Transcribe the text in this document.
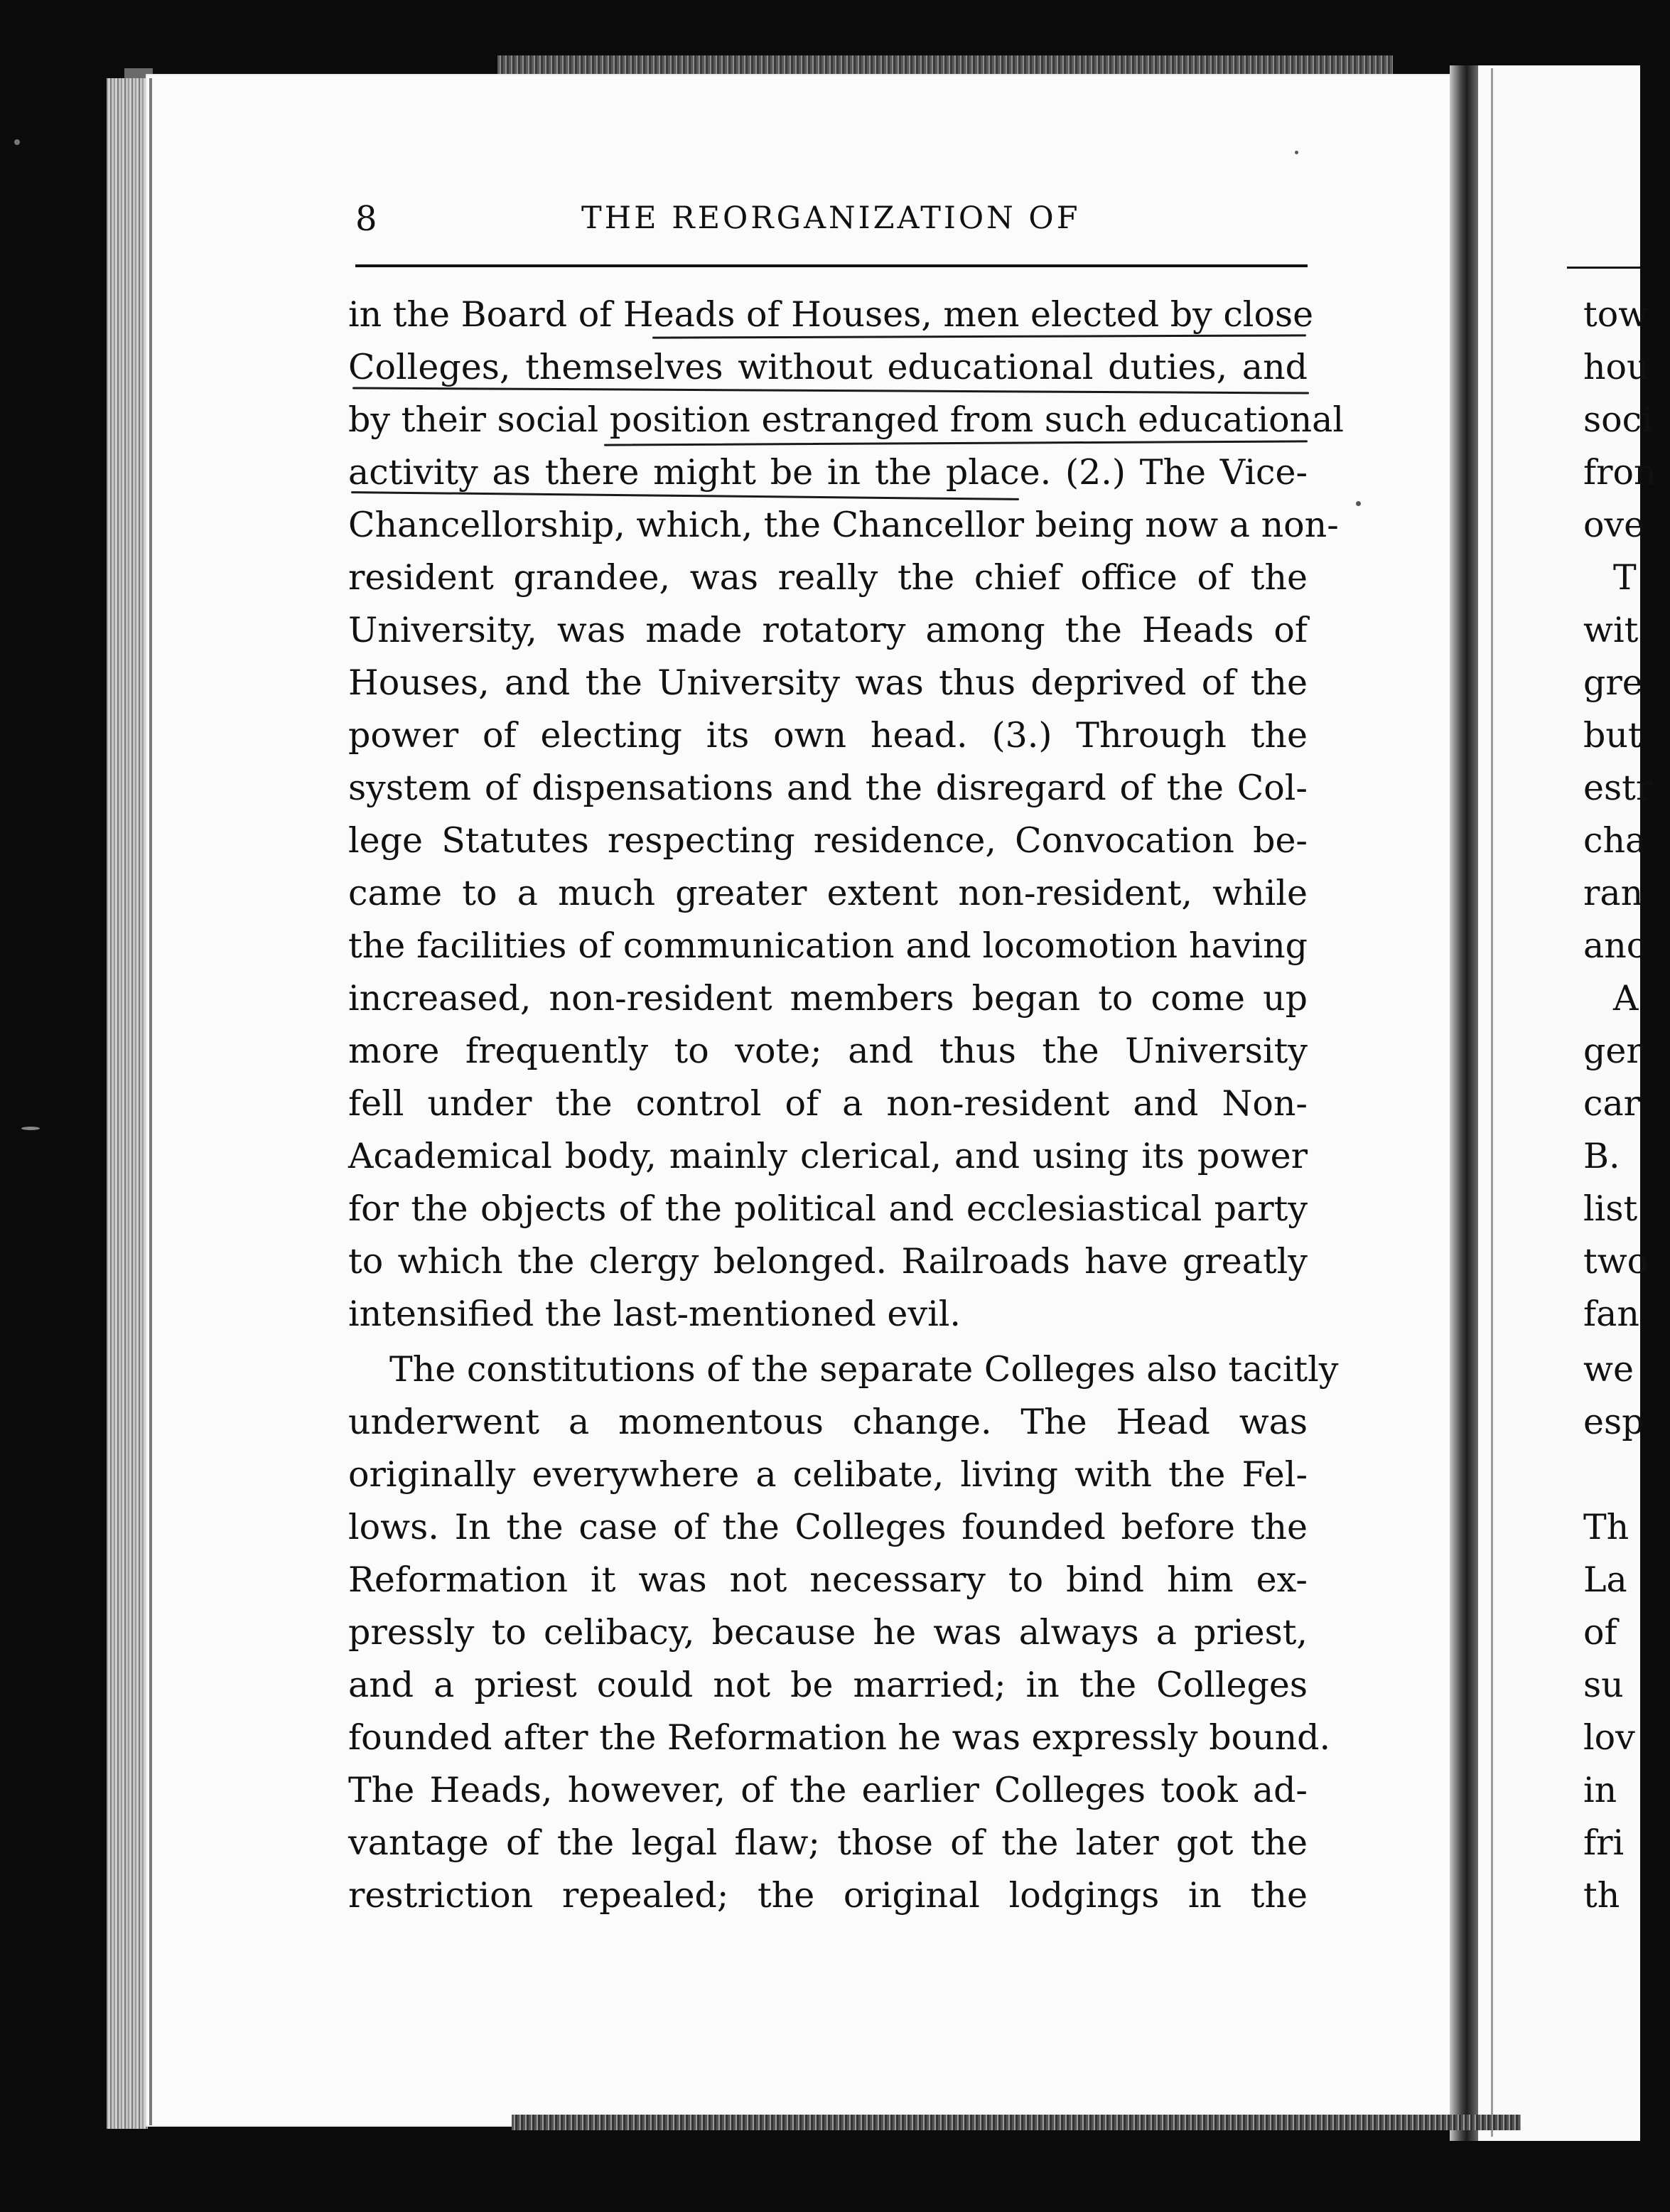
8	THE REORGANIZATION OF
in the Board of Heads of Houses, men elected by close
Colleges, themselves without educational duties, and
by their social position estranged from such educational
activity as there might be in the place. (2.) The Vice-
Chancellorship, which, the Chancellor being now a non-
resident grandee, was really the chief office of the
University, was made rotatory among the Heads of
Houses, and the University was thus deprived of the
power of electing its own head. (3.) Through the
system of dispensations and the disregard of the Col-
lege Statutes respecting residence, Convocation be-
came to a much greater extent non-resident, while
the facilities of communication and locomotion having
increased, non-resident members began to come up
more frequently to vote; and thus the University
fell under the control of a non-resident and Non-
Academical body, mainly clerical, and using its power
for the objects of the political and ecclesiastical party
to which the clergy belonged. Railroads have greatly
intensified the last-mentioned evil.
The constitutions of the separate Colleges also tacitly
underwent a momentous change. The Head was
originally everywhere a celibate, living with the Fel-
lows. In the case of the Colleges founded before the
Reformation it was not necessary to bind him ex-
pressly to celibacy, because he was always a priest,
and a priest could not be married; in the Colleges
founded after the Reformation he was expressly bound.
The Heads, however, of the earlier Colleges took ad-
vantage of the legal flaw; those of the later got the
restriction repealed; the original lodgings in the
tow
hou
soci
fron
ove
T
wit
gre
but
estr
cha
ran
anc
A
ger
car
B.
list
two
fan
we
esp
Th
La
of
su
lov
in
fri
th
